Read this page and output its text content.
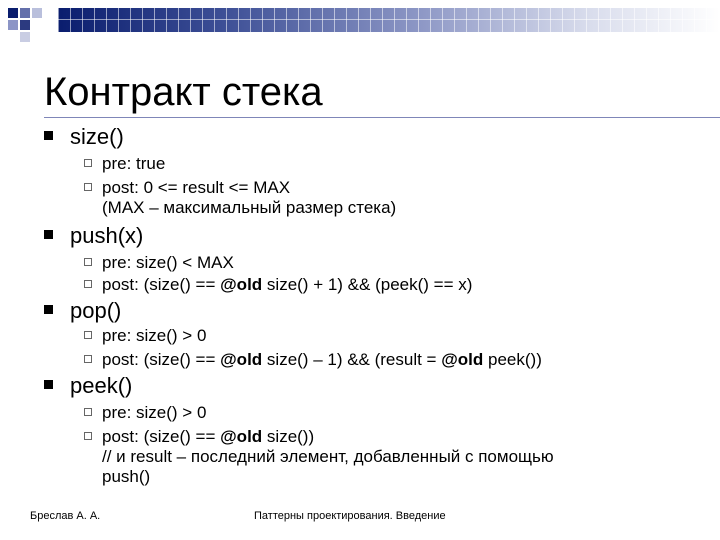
Контракт стека
size()
pre: true
post: 0 <= result <= MAX
(MAX – максимальный размер стека)
push(x)
pre: size() < MAX
post: (size() == @old size() + 1) && (peek() == x)
pop()
pre: size() > 0
post: (size() == @old size() – 1) && (result = @old peek())
peek()
pre: size() > 0
post: (size() == @old size())
// и result – последний элемент, добавленный с помощью
push()
Бреслав А. А.	Паттерны проектирования. Введение
